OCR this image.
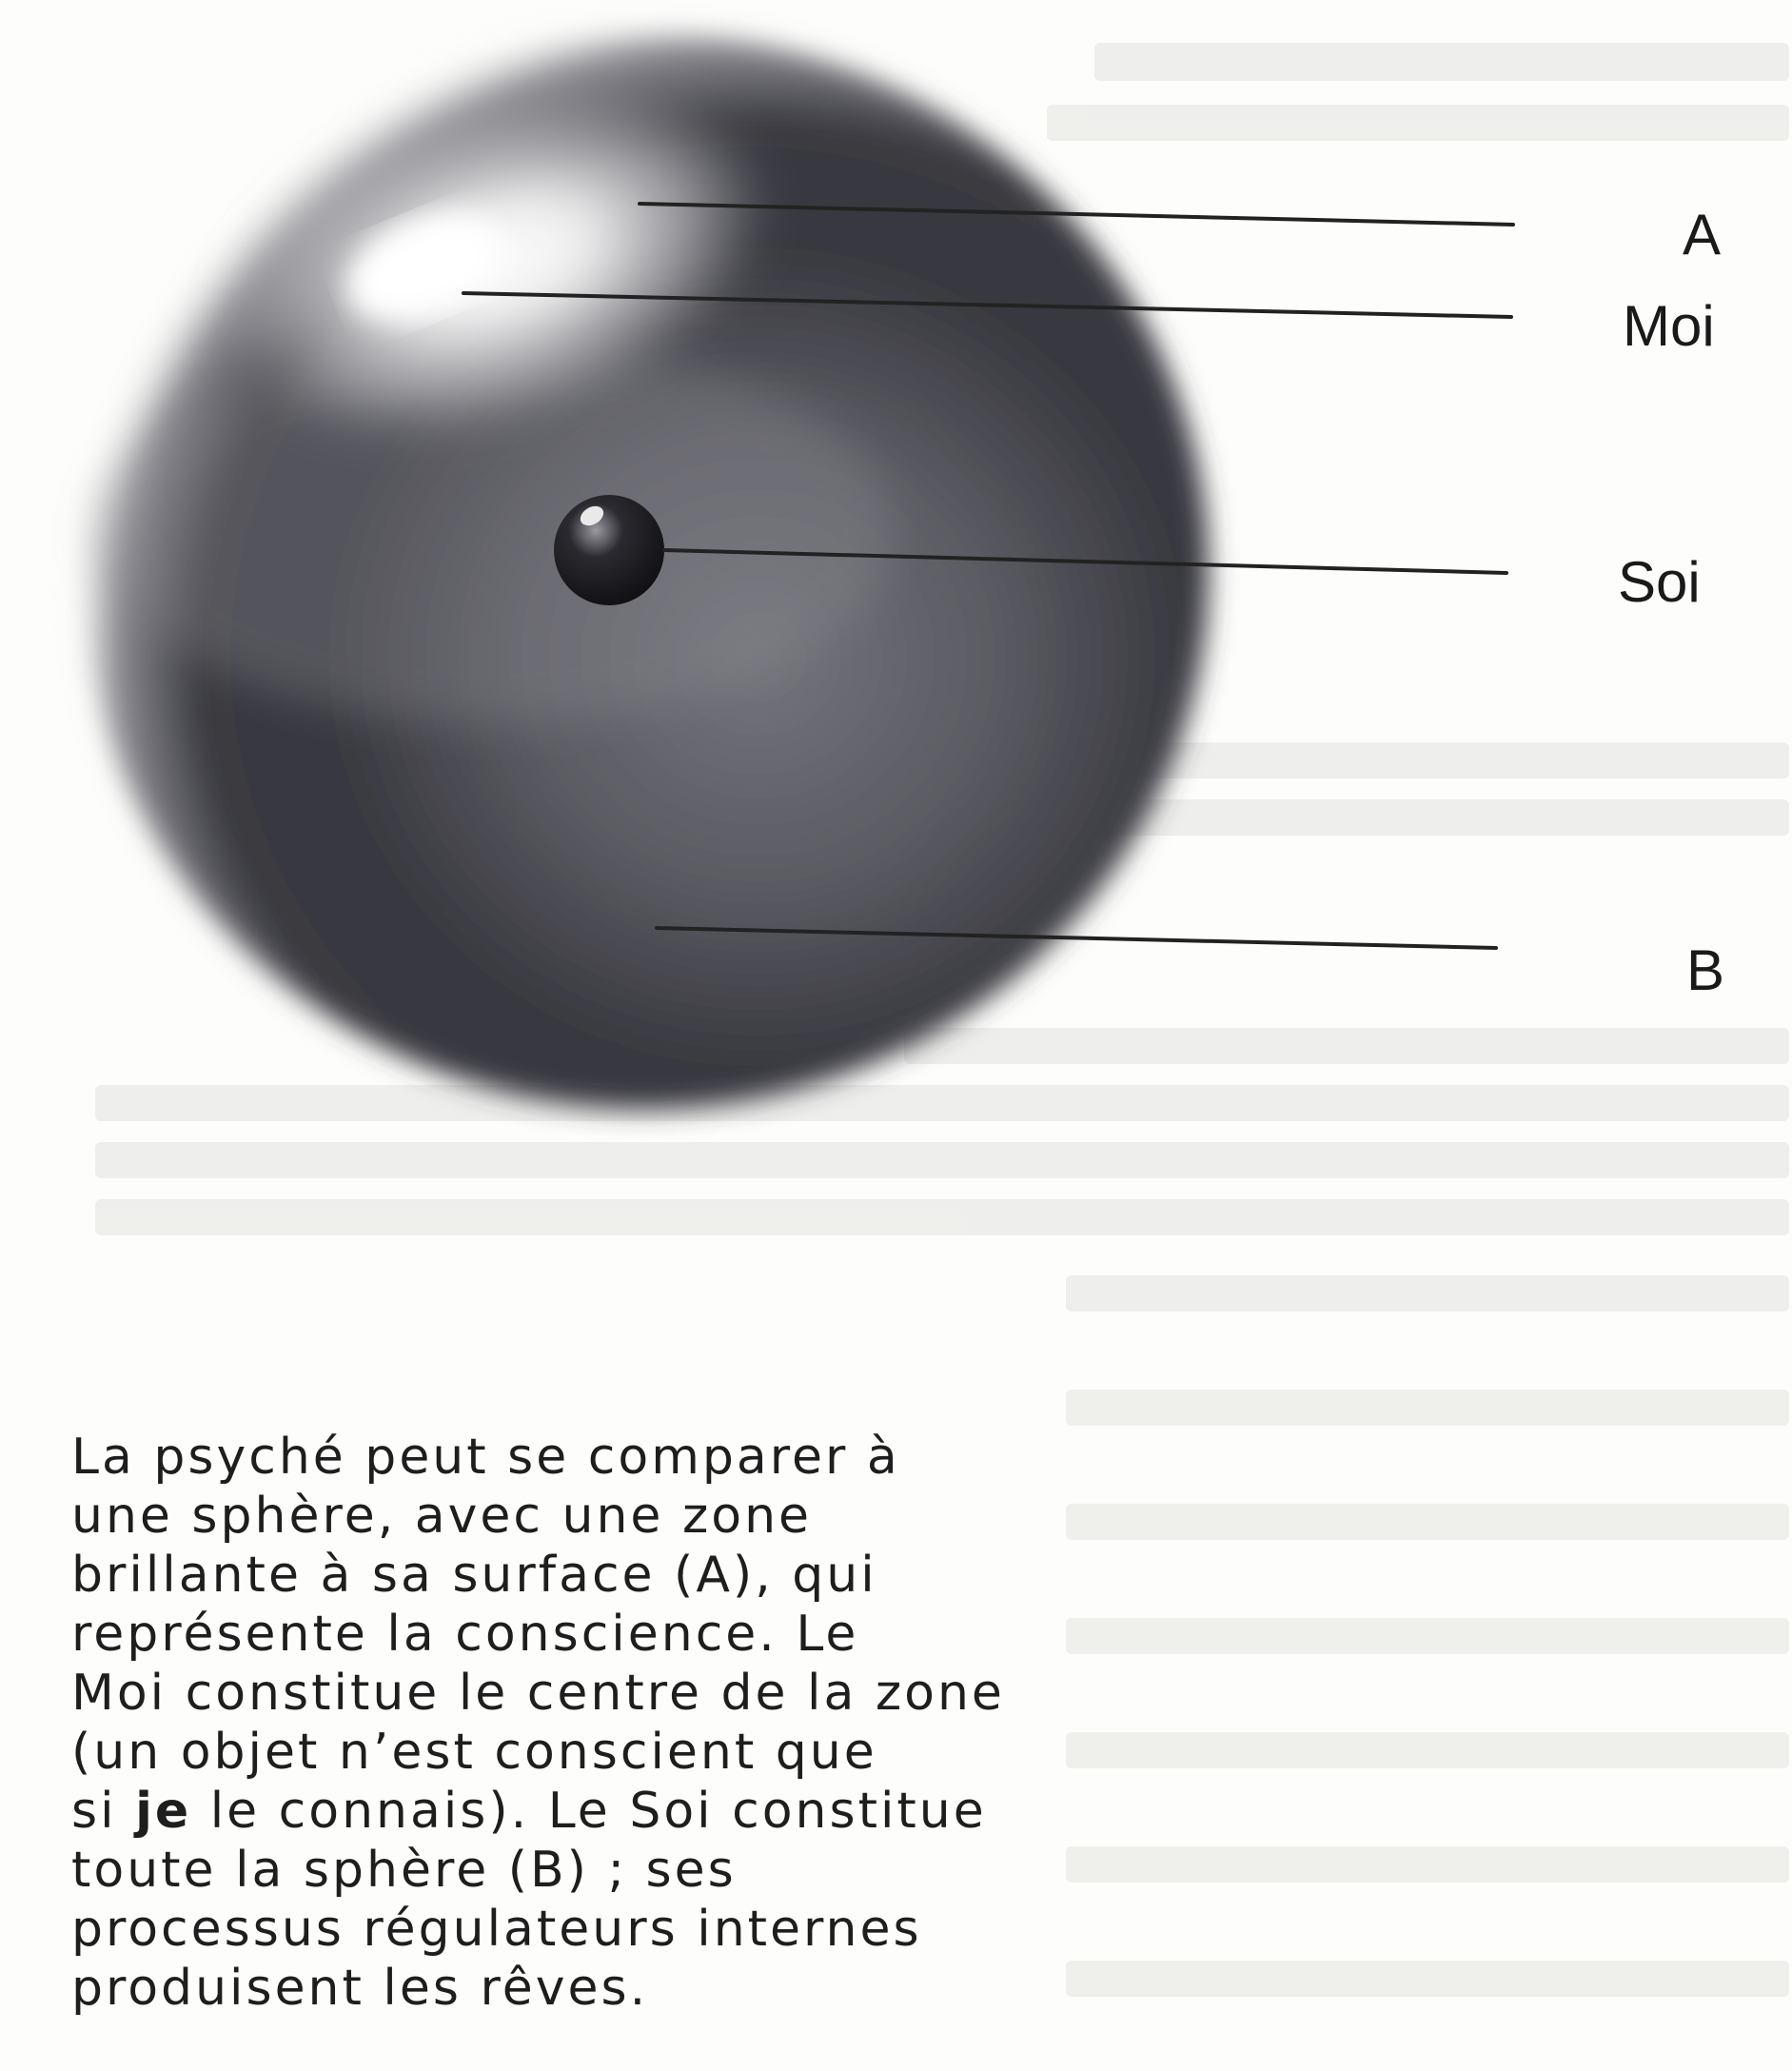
A
Moi
Soi
B
La psyché peut se comparer à
une sphère, avec une zone
brillante à sa surface (A), qui
représente la conscience. Le
Moi constitue le centre de la zone
(un objet n’est conscient que
si je le connais). Le Soi constitue
toute la sphère (B) ; ses
processus régulateurs internes
produisent les rêves.
